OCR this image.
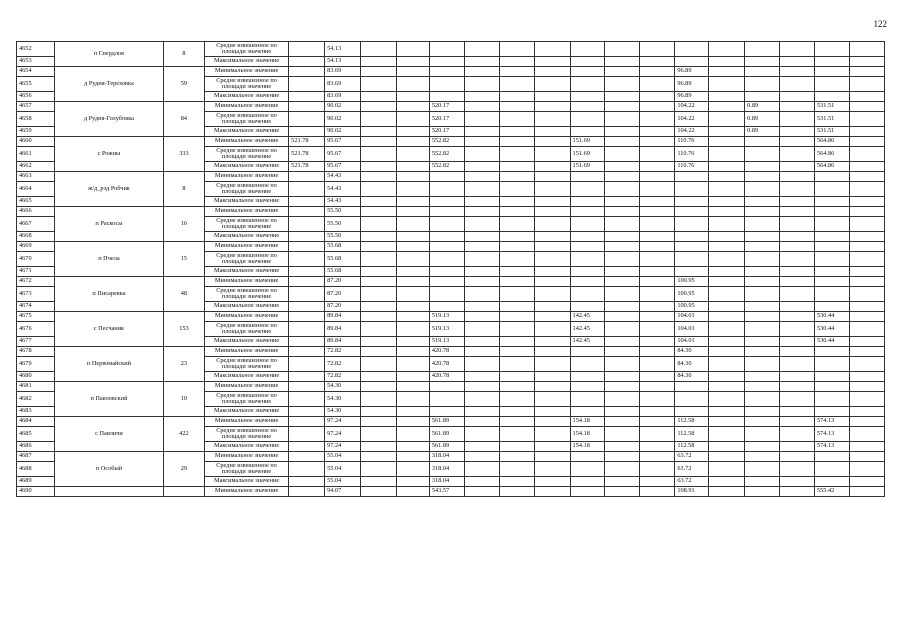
122
4652	п Свердлов	8	Средне взвешенное по площади значение		54.13															
4653			Максимальное значение		54.13															
4654	д Рудня-Тереховка	59	Минимальное значение		83.69										96.89					
4655			Средне взвешенное по площади значение		83.69										96.89					
4656			Максимальное значение		83.69										96.89					
4657	д Рудня-Голубовка	84	Минимальное значение		90.02			520.17							104.22		0.89		531.51	
4658			Средне взвешенное по площади значение		90.02			520.17							104.22		0.89		531.51	
4659			Максимальное значение		90.02			520.17							104.22		0.89		531.51	
4660	с Рожны	333	Минимальное значение	521.78	95.67			552.82				151.69			110.76				564.86	
4661			Средне взвешенное по площади значение	521.78	95.67			552.82				151.69			110.76				564.86	
4662			Максимальное значение	521.78	95.67			552.82				151.69			110.76				564.86	
4663	ж/д_рзд Робчик	8	Минимальное значение		54.43															
4664			Средне взвешенное по площади значение		54.43															
4665			Максимальное значение		54.43															
4666	п Раскосы	16	Минимальное значение		55.50															
4667			Средне взвешенное по площади значение		55.50															
4668			Максимальное значение		55.50															
4669	п Пчела	15	Минимальное значение		55.68															
4670			Средне взвешенное по площади значение		55.68															
4671			Максимальное значение		55.68															
4672	п Писаревка	48	Минимальное значение		87.20										100.95					
4673			Средне взвешенное по площади значение		87.20										100.95					
4674			Максимальное значение		87.20										100.95					
4675	с Песчаник	153	Минимальное значение		89.84			519.13				142.45			104.01				530.44	
4676			Средне взвешенное по площади значение		89.84			519.13				142.45			104.01				530.44	
4677			Максимальное значение		89.84			519.13				142.45			104.01				530.44	
4678	п Первомайский	23	Минимальное значение		72.82			420.78							84.30					
4679			Средне взвешенное по площади значение		72.82			420.78							84.30					
4680			Максимальное значение		72.82			420.78							84.30					
4681	п Павловский	10	Минимальное значение		54.30															
4682			Средне взвешенное по площади значение		54.30															
4683			Максимальное значение		54.30															
4684	с Павличи	422	Минимальное значение		97.24			561.89				154.18			112.58				574.13	
4685			Средне взвешенное по площади значение		97.24			561.89				154.18			112.58				574.13	
4686			Максимальное значение		97.24			561.89				154.18			112.58				574.13	
4687	п Особый	29	Минимальное значение		55.04			318.04							63.72					
4688			Средне взвешенное по площади значение		55.04			318.04							63.72					
4689			Максимальное значение		55.04			318.04							63.72					
4690			Минимальное значение		94.07			543.57							108.91				555.42	
